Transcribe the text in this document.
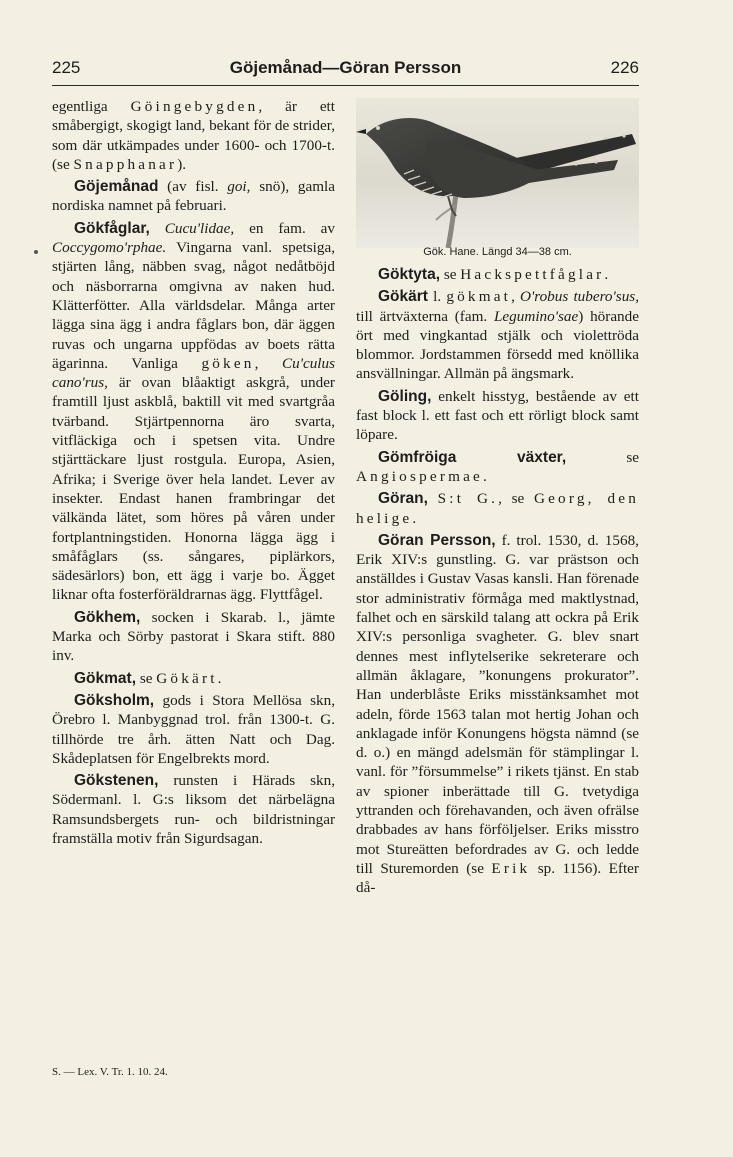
225	Göjemånad—Göran Persson	226

egentliga Göingebygden, är ett småbergigt, skogigt land, bekant för de strider, som där utkämpades under 1600- och 1700-t. (se Snapphanar).

Göjemånad (av fisl. goi, snö), gamla nordiska namnet på februari.

Gökfåglar, Cucu'lidae, en fam. av Coccygomo'rphae. Vingarna vanl. spetsiga, stjärten lång, näbben svag, något nedåtböjd och näsborrarna omgivna av naken hud. Klätterfötter. Alla världsdelar. Många arter lägga sina ägg i andra fåglars bon, där äggen ruvas och ungarna uppfödas av boets rätta ägarinna. Vanliga göken, Cu'culus cano'rus, är ovan blåaktigt askgrå, under framtill ljust askblå, baktill vit med svartgråa tvärband. Stjärtpennorna äro svarta, vitfläckiga och i spetsen vita. Undre stjärttäckare ljust rostgula. Europa, Asien, Afrika; i Sverige över hela landet. Lever av insekter. Endast hanen frambringar det välkända lätet, som höres på våren under fortplantningstiden. Honorna lägga ägg i småfåglars (ss. sångares, piplärkors, sädesärlors) bon, ett ägg i varje bo. Ägget liknar ofta fosterföräldrarnas ägg. Flyttfågel.

Gökhem, socken i Skarab. l., jämte Marka och Sörby pastorat i Skara stift. 880 inv.

Gökmat, se Gökärt.

Göksholm, gods i Stora Mellösa skn, Örebro l. Manbyggnad trol. från 1300-t. G. tillhörde tre årh. ätten Natt och Dag. Skådeplatsen för Engelbrekts mord.

Gökstenen, runsten i Härads skn, Södermanl. l. G:s liksom det närbelägna Ramsundsbergets run- och bildristningar framställa motiv från Sigurdsagan.

Gök. Hane. Längd 34—38 cm.

Göktyta, se Hackspettfåglar.

Gökärt l. gökmat, O'robus tubero'sus, till ärtväxterna (fam. Legumino'sae) hörande ört med vingkantad stjälk och violettröda blommor. Jordstammen försedd med knöllika ansvällningar. Allmän på ängsmark.

Göling, enkelt hisstyg, bestående av ett fast block l. ett fast och ett rörligt block samt löpare.

Gömfröiga växter, se Angiospermae.

Göran, S:t G., se Georg, den helige.

Göran Persson, f. trol. 1530, d. 1568, Erik XIV:s gunstling. G. var prästson och anställdes i Gustav Vasas kansli. Han förenade stor administrativ förmåga med maktlystnad, falhet och en särskild talang att ockra på Erik XIV:s personliga svagheter. G. blev snart dennes mest inflytelserike sekreterare och allmän åklagare, ”konungens prokurator”. Han underblåste Eriks misstänksamhet mot adeln, förde 1563 talan mot hertig Johan och anklagade inför Konungens högsta nämnd (se d. o.) en mängd adelsmän för stämplingar l. vanl. för ”försummelse” i rikets tjänst. En stab av spioner inberättade till G. tvetydiga yttranden och förehavanden, och även ofrälse drabbades av hans förföljelser. Eriks misstro mot Stureätten befordrades av G. och ledde till Sturemorden (se Erik sp. 1156). Efter då-

S. — Lex. V. Tr. 1. 10. 24.
